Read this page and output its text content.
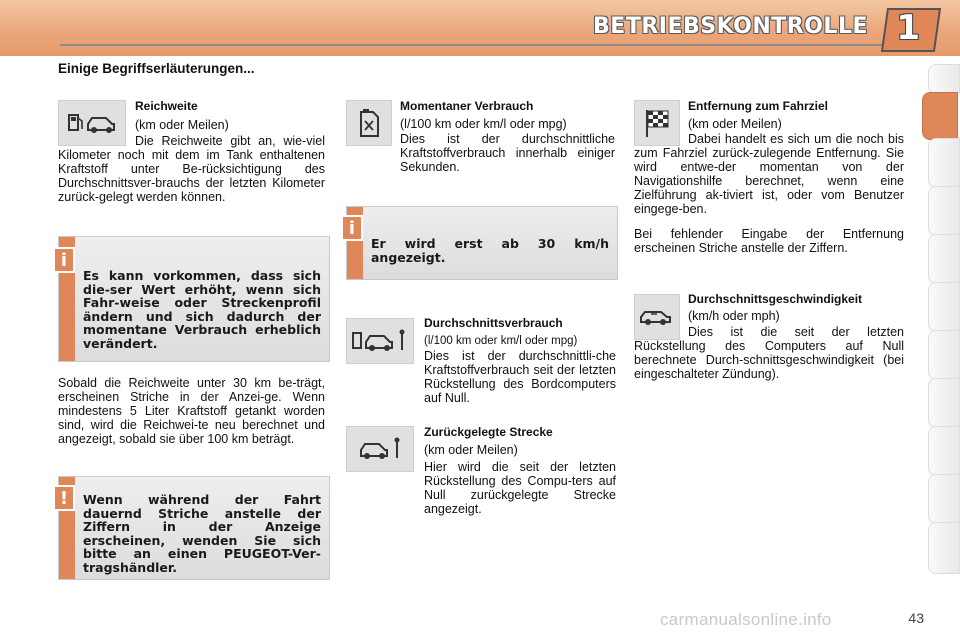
BETRIEBSKONTROLLE 1
Einige Begriffserläuterungen...
Reichweite
(km oder Meilen)

Die Reichweite gibt an, wie-viel Kilometer noch mit dem im Tank enthaltenen Kraftstoff unter Be-rücksichtigung des Durchschnittsver-brauchs der letzten Kilometer zurück-gelegt werden können.

i
Es kann vorkommen, dass sich die-ser Wert erhöht, wenn sich Fahr-weise oder Streckenprofil ändern und sich dadurch der momentane Verbrauch erheblich verändert.

Sobald die Reichweite unter 30 km be-trägt, erscheinen Striche in der Anzei-ge. Wenn mindestens 5 Liter Kraftstoff getankt worden sind, wird die Reichwei-te neu berechnet und angezeigt, sobald sie über 100 km beträgt.

!	Wenn während der Fahrt dauernd Striche anstelle der Ziffern in der Anzeige erscheinen, wenden Sie sich bitte an einen PEUGEOT-Ver-tragshändler.
Momentaner Verbrauch
(l/100 km oder km/l oder mpg)

Dies ist der durchschnittliche Kraftstoffverbrauch innerhalb einiger Sekunden.

i
Er wird erst ab 30 km/h angezeigt.
Durchschnittsverbrauch
(l/100 km oder km/l oder mpg)

Dies ist der durchschnittli-che Kraftstoffverbrauch seit der letzten Rückstellung des Bordcomputers auf Null.

Zurückgelegte Strecke
(km oder Meilen)

Hier wird die seit der letzten Rückstellung des Compu-ters auf Null zurückgelegte Strecke angezeigt.

Entfernung zum Fahrziel
(km oder Meilen)

Dabei handelt es sich um die noch bis zum Fahrziel zurück-zulegende Entfernung. Sie wird entwe-der momentan von der Navigationshilfe berechnet, wenn eine Zielführung ak-tiviert ist, oder vom Benutzer eingege-ben.

Bei fehlender Eingabe der Entfernung erscheinen Striche anstelle der Ziffern.

Durchschnittsgeschwindigkeit
(km/h oder mph)

Dies ist die seit der letzten Rückstellung des Computers auf Null berechnete Durch-schnittsgeschwindigkeit (bei eingeschalteter Zündung).

carmanualsonline.info	43
